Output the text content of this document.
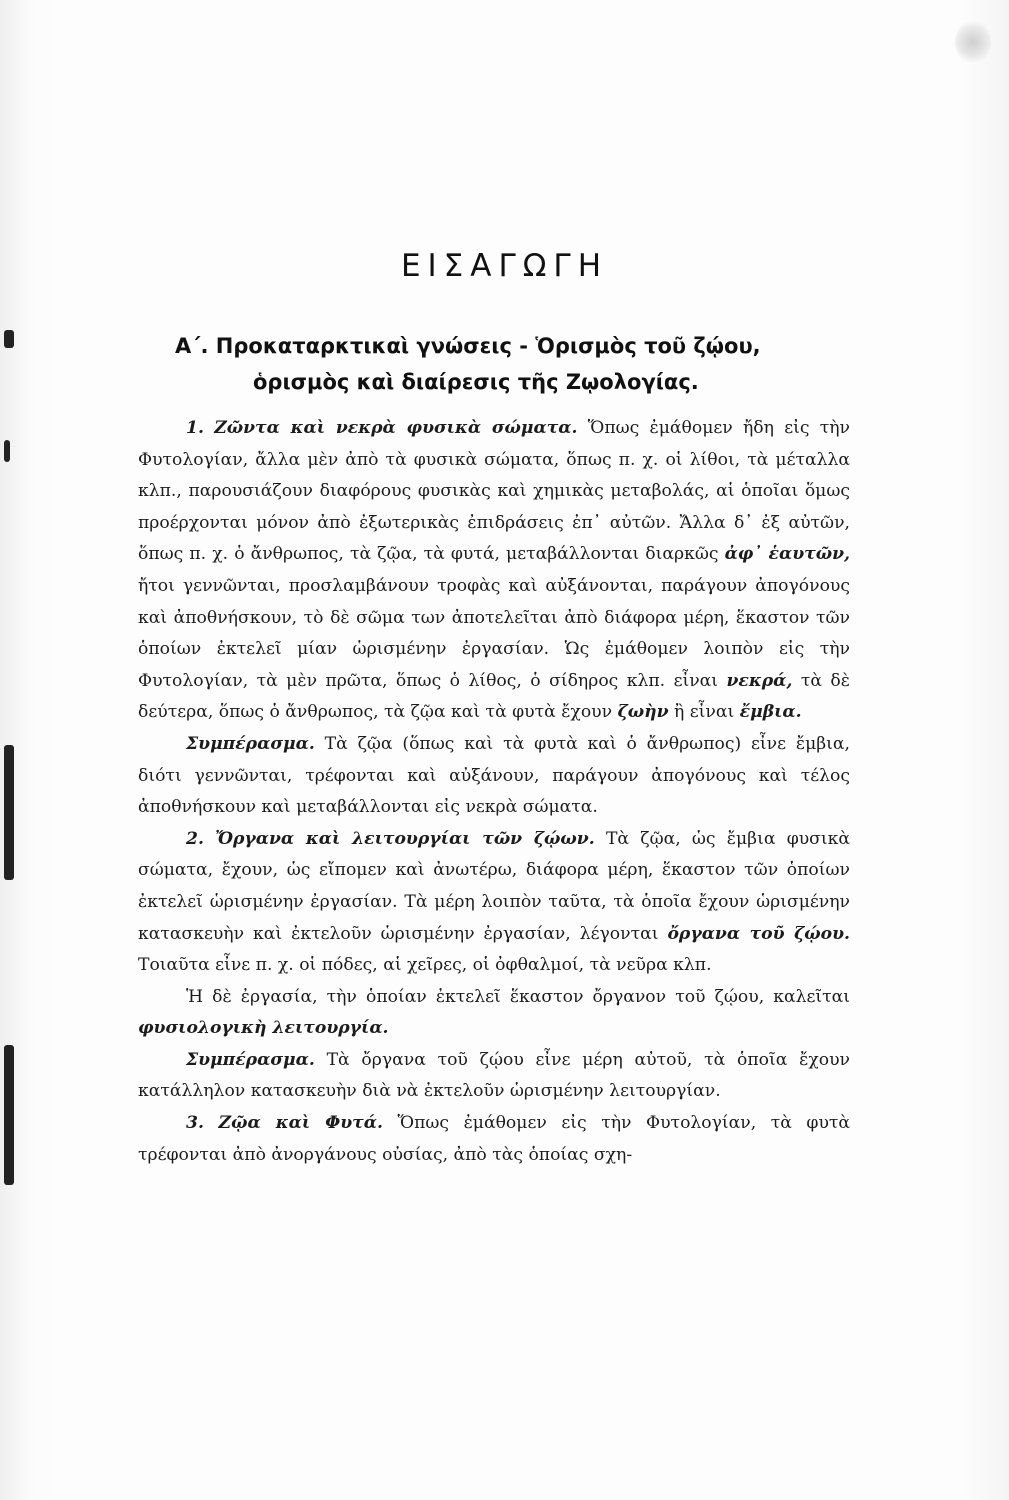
ΕΙΣΑΓΩΓΗ
Α΄. Προκαταρκτικαὶ γνώσεις - Ὁρισμὸς τοῦ ζῴου,
ὁρισμὸς καὶ διαίρεσις τῆς Ζῳολογίας.

1. Ζῶντα καὶ νεκρὰ φυσικὰ σώματα. Ὅπως ἐμάθομεν ἤδη εἰς τὴν Φυτολογίαν, ἄλλα μὲν ἀπὸ τὰ φυσικὰ σώματα, ὅπως π. χ. οἱ λίθοι, τὰ μέταλλα κλπ., παρουσιάζουν διαφόρους φυσικὰς καὶ χημικὰς μεταβολάς, αἱ ὁποῖαι ὅμως προέρχονται μόνον ἀπὸ ἐξωτερικὰς ἐπιδράσεις ἐπ᾿ αὐτῶν. Ἄλλα δ᾿ ἐξ αὐτῶν, ὅπως π. χ. ὁ ἄνθρωπος, τὰ ζῷα, τὰ φυτά, μεταβάλλονται διαρκῶς ἀφ᾿ ἑαυτῶν, ἤτοι γεννῶνται, προσλαμβάνουν τροφὰς καὶ αὐξάνονται, παράγουν ἀπογόνους καὶ ἀποθνήσκουν, τὸ δὲ σῶμα των ἀποτελεῖται ἀπὸ διάφορα μέρη, ἕκαστον τῶν ὁποίων ἐκτελεῖ μίαν ὡρισμένην ἐργασίαν. Ὡς ἐμάθομεν λοιπὸν εἰς τὴν Φυτολογίαν, τὰ μὲν πρῶτα, ὅπως ὁ λίθος, ὁ σίδηρος κλπ. εἶναι νεκρά, τὰ δὲ δεύτερα, ὅπως ὁ ἄνθρωπος, τὰ ζῷα καὶ τὰ φυτὰ ἔχουν ζωὴν ἢ εἶναι ἔμβια.

Συμπέρασμα. Τὰ ζῷα (ὅπως καὶ τὰ φυτὰ καὶ ὁ ἄνθρωπος) εἶνε ἔμβια, διότι γεννῶνται, τρέφονται καὶ αὐξάνουν, παράγουν ἀπογόνους καὶ τέλος ἀποθνήσκουν καὶ μεταβάλλονται εἰς νεκρὰ σώματα.

2. Ὄργανα καὶ λειτουργίαι τῶν ζῴων. Τὰ ζῷα, ὡς ἔμβια φυσικὰ σώματα, ἔχουν, ὡς εἴπομεν καὶ ἀνωτέρω, διάφορα μέρη, ἕκαστον τῶν ὁποίων ἐκτελεῖ ὡρισμένην ἐργασίαν. Τὰ μέρη λοιπὸν ταῦτα, τὰ ὁποῖα ἔχουν ὡρισμένην κατασκευὴν καὶ ἐκτελοῦν ὡρισμένην ἐργασίαν, λέγονται ὄργανα τοῦ ζῴου. Τοιαῦτα εἶνε π. χ. οἱ πόδες, αἱ χεῖρες, οἱ ὀφθαλμοί, τὰ νεῦρα κλπ.

Ἡ δὲ ἐργασία, τὴν ὁποίαν ἐκτελεῖ ἕκαστον ὄργανον τοῦ ζῴου, καλεῖται φυσιολογικὴ λειτουργία.

Συμπέρασμα. Τὰ ὄργανα τοῦ ζῴου εἶνε μέρη αὐτοῦ, τὰ ὁποῖα ἔχουν κατάλληλον κατασκευὴν διὰ νὰ ἐκτελοῦν ὡρισμένην λειτουργίαν.

3. Ζῷα καὶ Φυτά. Ὅπως ἐμάθομεν εἰς τὴν Φυτολογίαν, τὰ φυτὰ τρέφονται ἀπὸ ἀνοργάνους οὐσίας, ἀπὸ τὰς ὁποίας σχη-
